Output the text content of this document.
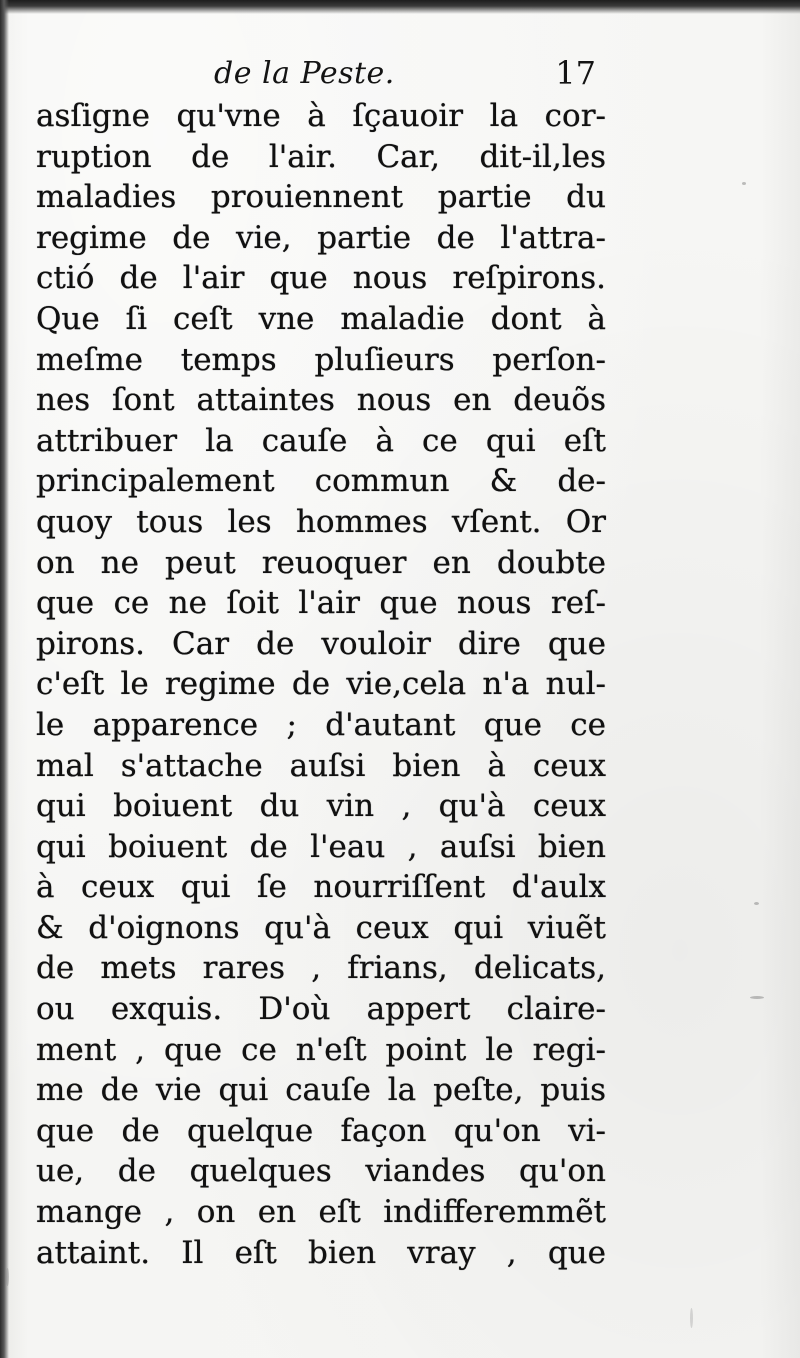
de la Peste.	17
asſigne qu'vne à ſçauoir la cor-
ruption de l'air. Car, dit-il,les
maladies prouiennent partie du
regime de vie, partie de l'attra-
ctió de l'air que nous reſpirons.
Que ſi ceſt vne maladie dont à
meſme temps pluſieurs perſon-
nes ſont attaintes nous en deuõs
attribuer la cauſe à ce qui eſt
principalement commun & de-
quoy tous les hommes vſent. Or
on ne peut reuoquer en doubte
que ce ne ſoit l'air que nous reſ-
pirons. Car de vouloir dire que
c'eſt le regime de vie,cela n'a nul-
le apparence ; d'autant que ce
mal s'attache auſsi bien à ceux
qui boiuent du vin , qu'à ceux
qui boiuent de l'eau , auſsi bien
à ceux qui ſe nourriſſent d'aulx
& d'oignons qu'à ceux qui viuẽt
de mets rares , frians, delicats,
ou exquis. D'où appert claire-
ment , que ce n'eſt point le regi-
me de vie qui cauſe la peſte, puis
que de quelque façon qu'on vi-
ue, de quelques viandes qu'on
mange , on en eſt indifferemmẽt
attaint. Il eſt bien vray , que
